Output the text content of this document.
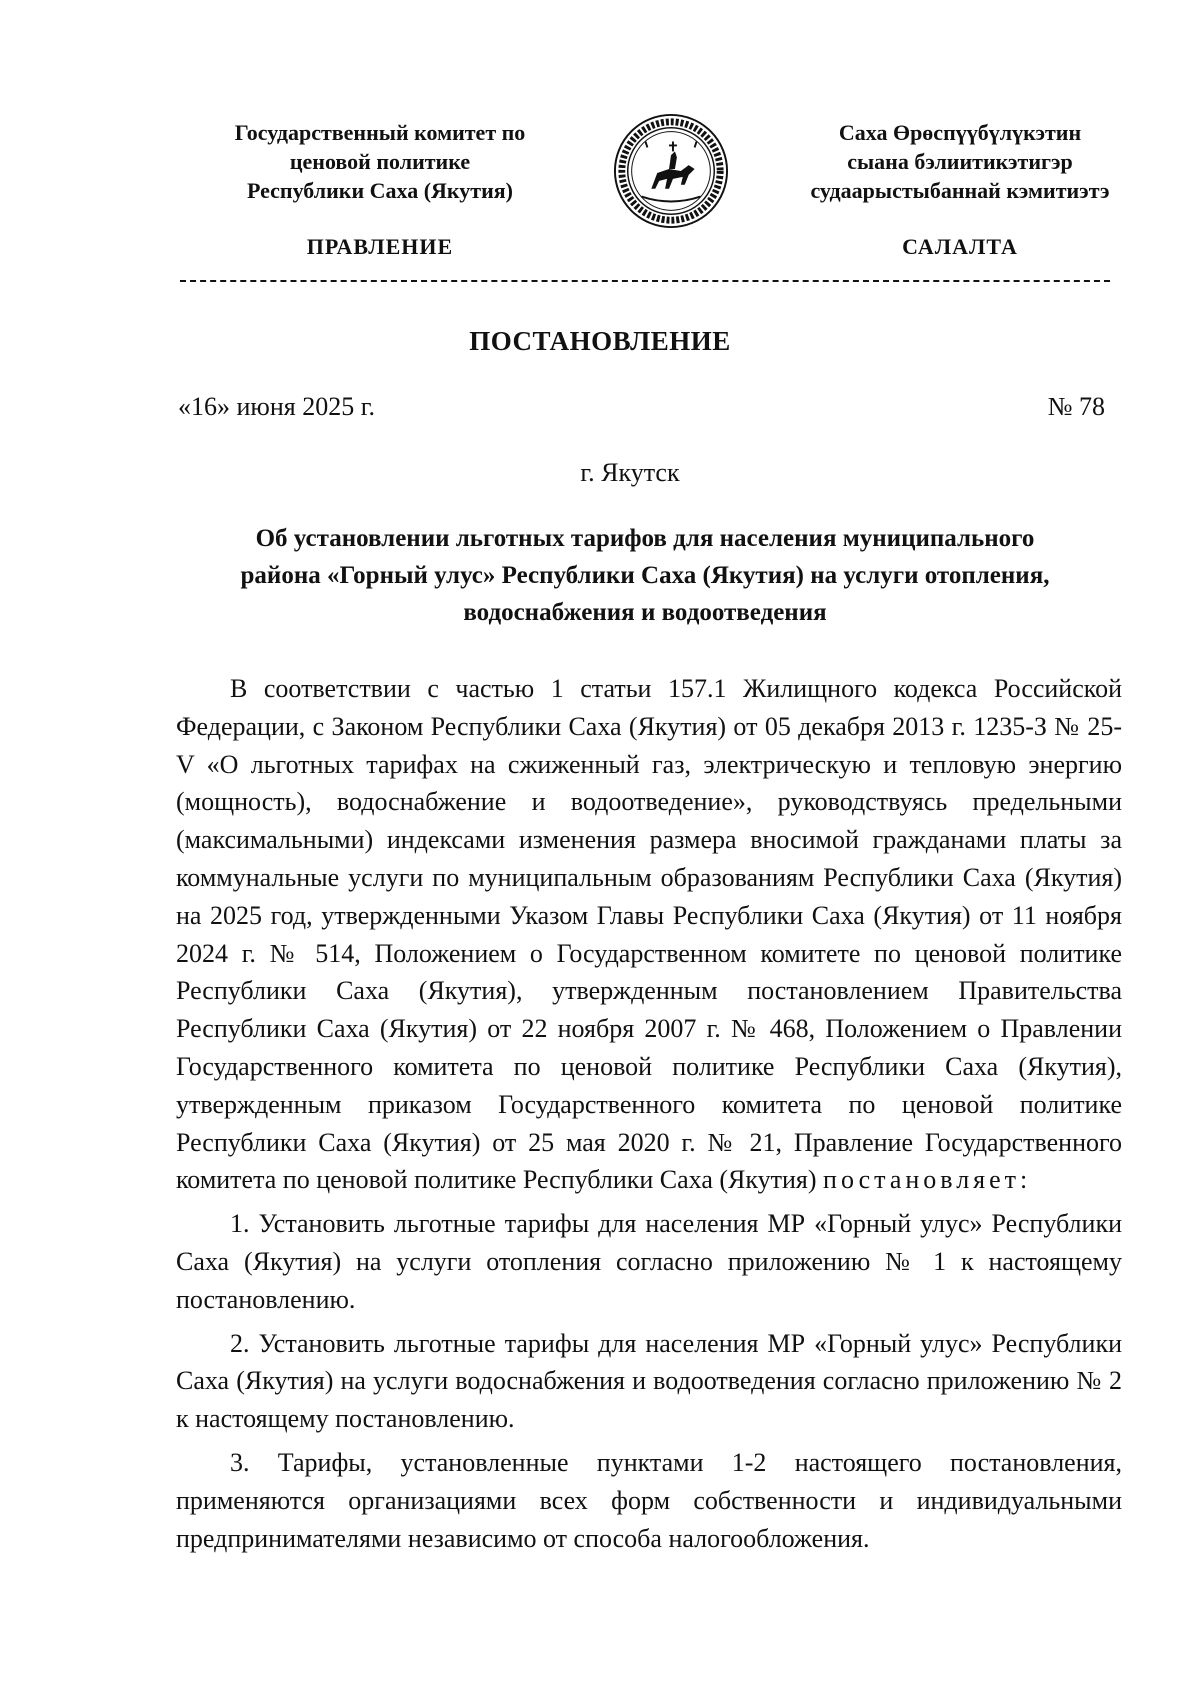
Государственный комитет по
ценовой политике
Республики Саха (Якутия)
Саха Өрөспүүбүлүкэтин
сыана бэлиитикэтигэр
судаарыстыбаннай кэмитиэтэ
ПРАВЛЕНИЕ	САЛАЛТА
ПОСТАНОВЛЕНИЕ
«16» июня 2025 г.	№ 78
г. Якутск
Об установлении льготных тарифов для населения муниципального
района «Горный улус» Республики Саха (Якутия) на услуги отопления,
водоснабжения и водоотведения

В соответствии с частью 1 статьи 157.1 Жилищного кодекса Российской Федерации, с Законом Республики Саха (Якутия) от 05 декабря 2013 г. 1235-З № 25-V «О льготных тарифах на сжиженный газ, электрическую и тепловую энергию (мощность), водоснабжение и водоотведение», руководствуясь предельными (максимальными) индексами изменения размера вносимой гражданами платы за коммунальные услуги по муниципальным образованиям Республики Саха (Якутия) на 2025 год, утвержденными Указом Главы Республики Саха (Якутия) от 11 ноября 2024 г. № 514, Положением о Государственном комитете по ценовой политике Республики Саха (Якутия), утвержденным постановлением Правительства Республики Саха (Якутия) от 22 ноября 2007 г. № 468, Положением о Правлении Государственного комитета по ценовой политике Республики Саха (Якутия), утвержденным приказом Государственного комитета по ценовой политике Республики Саха (Якутия) от 25 мая 2020 г. № 21, Правление Государственного комитета по ценовой политике Республики Саха (Якутия) постановляет:

1. Установить льготные тарифы для населения МР «Горный улус» Республики Саха (Якутия) на услуги отопления согласно приложению № 1 к настоящему постановлению.

2. Установить льготные тарифы для населения МР «Горный улус» Республики Саха (Якутия) на услуги водоснабжения и водоотведения согласно приложению № 2 к настоящему постановлению.

3. Тарифы, установленные пунктами 1-2 настоящего постановления, применяются организациями всех форм собственности и индивидуальными предпринимателями независимо от способа налогообложения.
